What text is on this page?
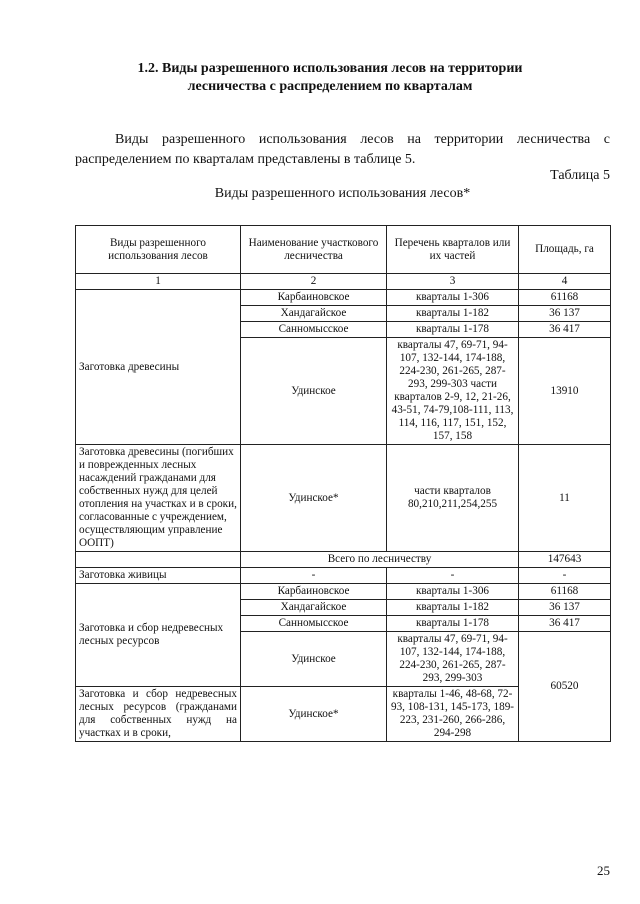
1.2. Виды разрешенного использования лесов на территории лесничества с распределением по кварталам
Виды разрешенного использования лесов на территории лесничества с распределением по кварталам представлены в таблице 5.
Таблица 5
Виды разрешенного использования лесов*
Виды разрешенного использования лесов	Наименование участкового лесничества	Перечень кварталов или их частей	Площадь, га
1	2	3	4
Заготовка древесины	Карбаиновское	кварталы 1-306	61168
	Хандагайское	кварталы 1-182	36 137
	Санномысское	кварталы 1-178	36 417
	Удинское	кварталы 47, 69-71, 94-107, 132-144, 174-188, 224-230, 261-265, 287-293, 299-303 части кварталов 2-9, 12, 21-26, 43-51, 74-79,108-111, 113, 114, 116, 117, 151, 152, 157, 158	13910
Заготовка древесины (погибших и поврежденных лесных насаждений гражданами для собственных нужд для целей отопления на участках и в сроки, согласованные с учреждением, осуществляющим управление ООПТ)	Удинское*	части кварталов 80,210,211,254,255	11
	Всего по лесничеству		147643
Заготовка живицы	-	-	-
Заготовка и сбор недревесных лесных ресурсов	Карбаиновское	кварталы 1-306	61168
	Хандагайское	кварталы 1-182	36 137
	Санномысское	кварталы 1-178	36 417
	Удинское	кварталы 47, 69-71, 94-107, 132-144, 174-188, 224-230, 261-265, 287-293, 299-303	60520
Заготовка и сбор недревесных лесных ресурсов (гражданами для собственных нужд на участках и в сроки,	Удинское*	кварталы 1-46, 48-68, 72-93, 108-131, 145-173, 189-223, 231-260, 266-286, 294-298	
25
